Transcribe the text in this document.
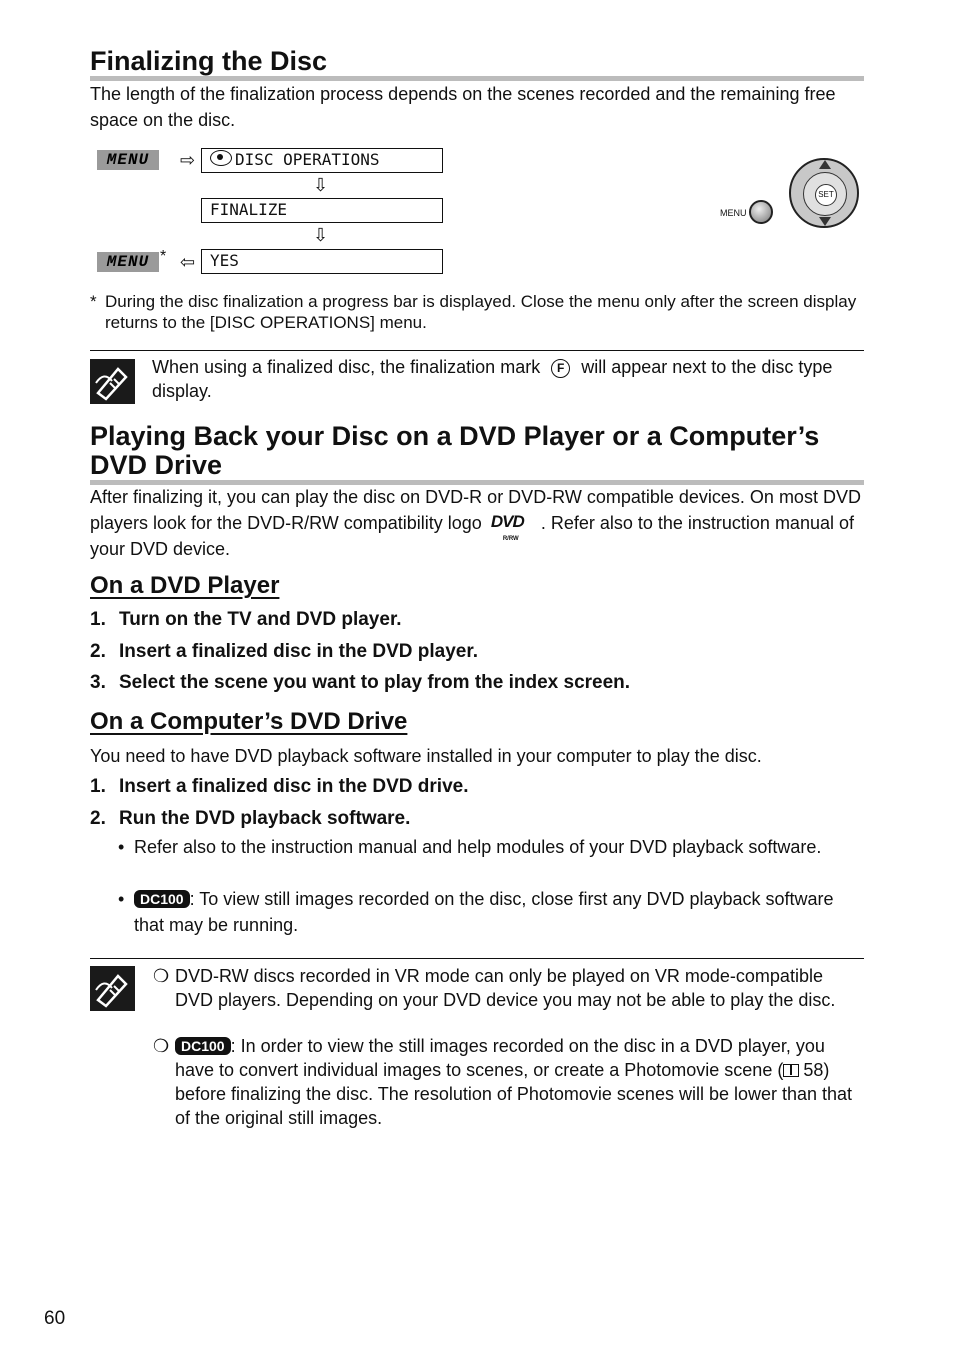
Finalizing the Disc
The length of the finalization process depends on the scenes recorded and the remaining free space on the disc.
MENU	⇨	DISC OPERATIONS
⇩
FINALIZE
⇩
MENU * ⇦ YES
MENU
SET
* During the disc finalization a progress bar is displayed. Close the menu only after the screen display returns to the [DISC OPERATIONS] menu.
When using a finalized disc, the finalization mark F will appear next to the disc type display.
Playing Back your Disc on a DVD Player or a Computer’s DVD Drive
After finalizing it, you can play the disc on DVD-R or DVD-RW compatible devices. On most DVD players look for the DVD-R/RW compatibility logo DVD
R/RW
. Refer also to the instruction manual of your DVD device.
On a DVD Player
1. Turn on the TV and DVD player.
2. Insert a finalized disc in the DVD player.
3. Select the scene you want to play from the index screen.
On a Computer’s DVD Drive
You need to have DVD playback software installed in your computer to play the disc.
1. Insert a finalized disc in the DVD drive.
2. Run the DVD playback software.
• Refer also to the instruction manual and help modules of your DVD playback software.
•	DC100 : To view still images recorded on the disc, close first any DVD playback software that may be running.
❍ DVD-RW discs recorded in VR mode can only be played on VR mode-compatible DVD players. Depending on your DVD device you may not be able to play the disc.
❍ DC100 : In order to view the still images recorded on the disc in a DVD player, you have to convert individual images to scenes, or create a Photomovie scene ( 58) before finalizing the disc. The resolution of Photomovie scenes will be lower than that of the original still images.
60
